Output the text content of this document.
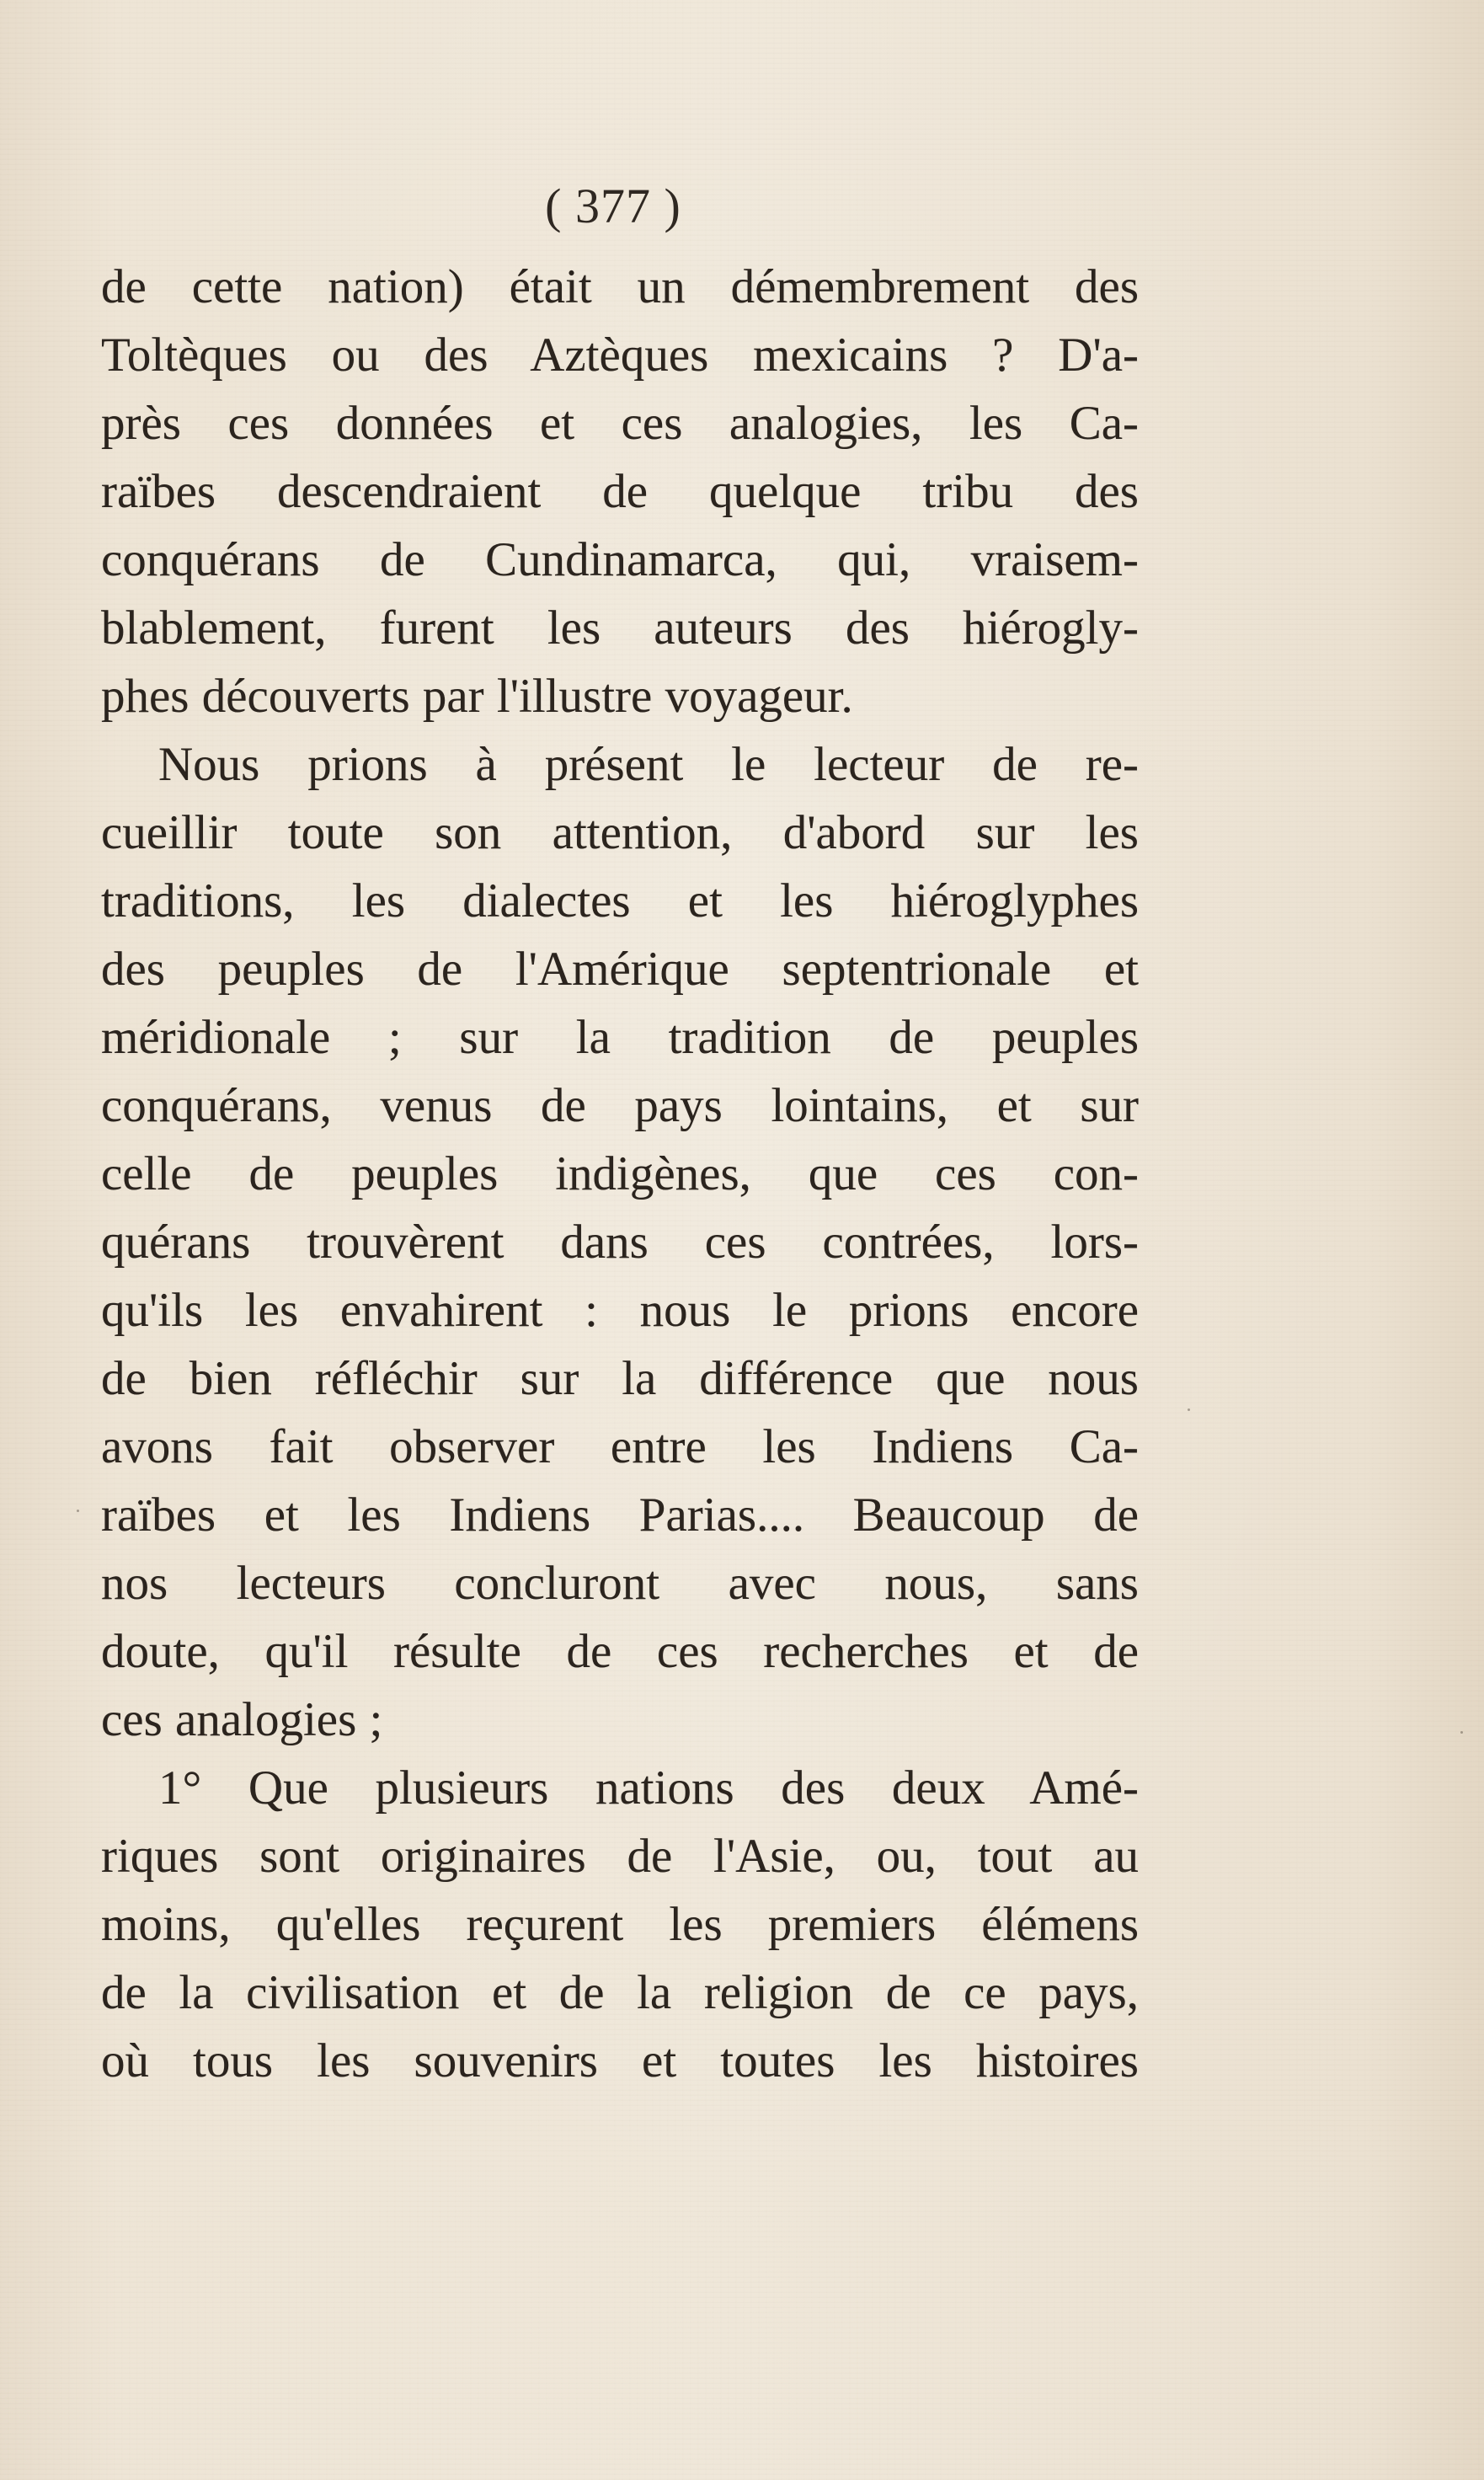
( 377 )
de cette nation) était un démembrement des
Toltèques ou des Aztèques mexicains ? D'a-
près ces données et ces analogies, les Ca-
raïbes descendraient de quelque tribu des
conquérans de Cundinamarca, qui, vraisem-
blablement, furent les auteurs des hiérogly-
phes découverts par l'illustre voyageur.
Nous prions à présent le lecteur de re-
cueillir toute son attention, d'abord sur les
traditions, les dialectes et les hiéroglyphes
des peuples de l'Amérique septentrionale et
méridionale ; sur la tradition de peuples
conquérans, venus de pays lointains, et sur
celle de peuples indigènes, que ces con-
quérans trouvèrent dans ces contrées, lors-
qu'ils les envahirent : nous le prions encore
de bien réfléchir sur la différence que nous
avons fait observer entre les Indiens Ca-
raïbes et les Indiens Parias.... Beaucoup de
nos lecteurs concluront avec nous, sans
doute, qu'il résulte de ces recherches et de
ces analogies ;
1° Que plusieurs nations des deux Amé-
riques sont originaires de l'Asie, ou, tout au
moins, qu'elles reçurent les premiers élémens
de la civilisation et de la religion de ce pays,
où tous les souvenirs et toutes les histoires
